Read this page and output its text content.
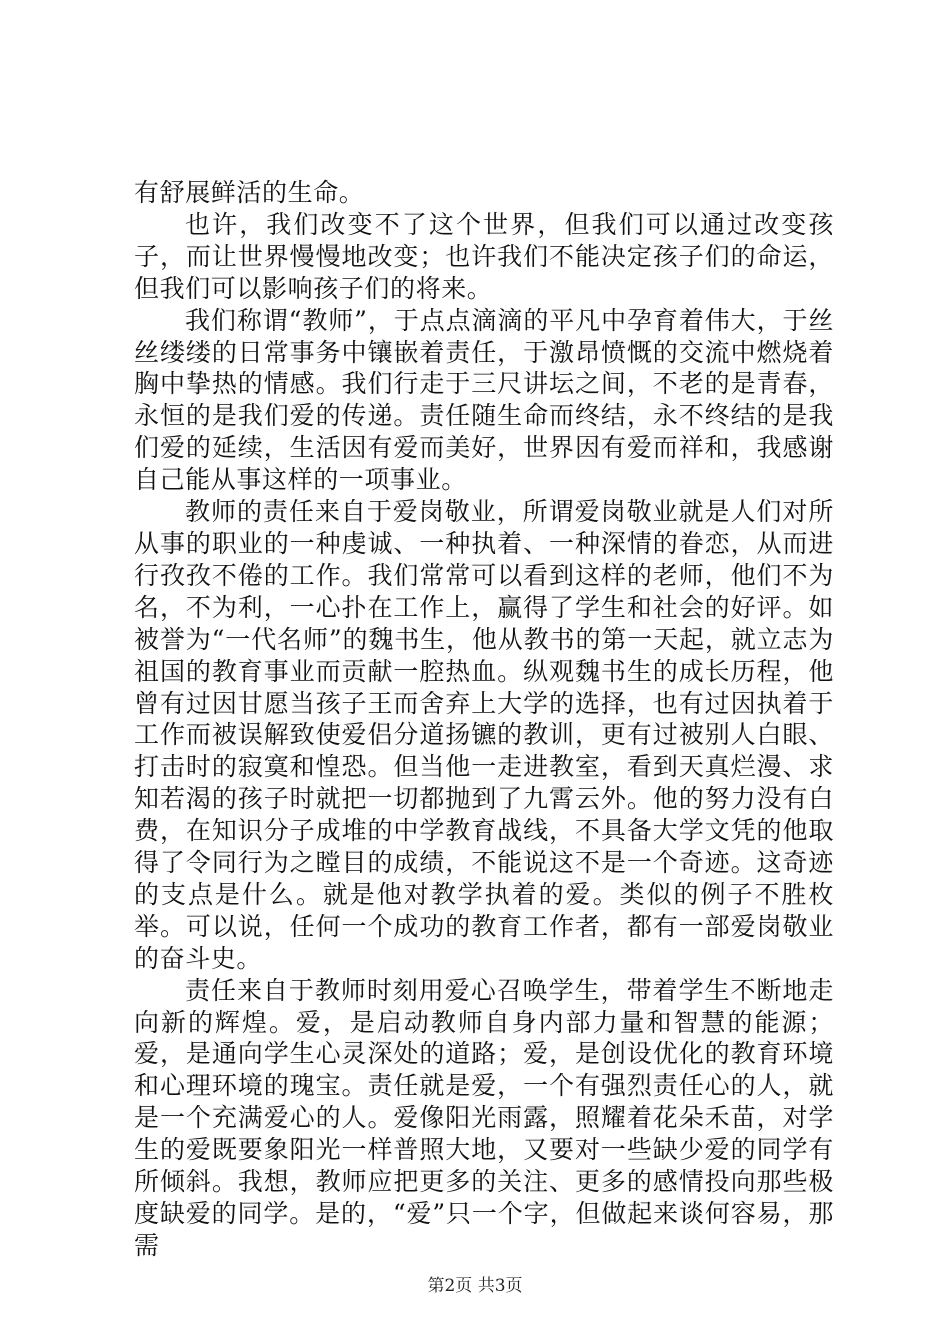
有舒展鲜活的生命。

也许，我们改变不了这个世界，但我们可以通过改变孩子，而让世界慢慢地改变；也许我们不能决定孩子们的命运，但我们可以影响孩子们的将来。

我们称谓“教师”，于点点滴滴的平凡中孕育着伟大，于丝丝缕缕的日常事务中镶嵌着责任，于激昂愤慨的交流中燃烧着胸中挚热的情感。我们行走于三尺讲坛之间，不老的是青春，永恒的是我们爱的传递。责任随生命而终结，永不终结的是我们爱的延续，生活因有爱而美好，世界因有爱而祥和，我感谢自己能从事这样的一项事业。

教师的责任来自于爱岗敬业，所谓爱岗敬业就是人们对所从事的职业的一种虔诚、一种执着、一种深情的眷恋，从而进行孜孜不倦的工作。我们常常可以看到这样的老师，他们不为名，不为利，一心扑在工作上，赢得了学生和社会的好评。如被誉为“一代名师”的魏书生，他从教书的第一天起，就立志为祖国的教育事业而贡献一腔热血。纵观魏书生的成长历程，他曾有过因甘愿当孩子王而舍弃上大学的选择，也有过因执着于工作而被误解致使爱侣分道扬镳的教训，更有过被别人白眼、打击时的寂寞和惶恐。但当他一走进教室，看到天真烂漫、求知若渴的孩子时就把一切都抛到了九霄云外。他的努力没有白费，在知识分子成堆的中学教育战线，不具备大学文凭的他取得了令同行为之瞠目的成绩，不能说这不是一个奇迹。这奇迹的支点是什么。就是他对教学执着的爱。类似的例子不胜枚举。可以说，任何一个成功的教育工作者，都有一部爱岗敬业的奋斗史。

责任来自于教师时刻用爱心召唤学生，带着学生不断地走向新的辉煌。爱，是启动教师自身内部力量和智慧的能源；爱，是通向学生心灵深处的道路；爱，是创设优化的教育环境和心理环境的瑰宝。责任就是爱，一个有强烈责任心的人，就是一个充满爱心的人。爱像阳光雨露，照耀着花朵禾苗，对学生的爱既要象阳光一样普照大地，又要对一些缺少爱的同学有所倾斜。我想，教师应把更多的关注、更多的感情投向那些极度缺爱的同学。是的，“爱”只一个字，但做起来谈何容易，那需

第2页 共3页
